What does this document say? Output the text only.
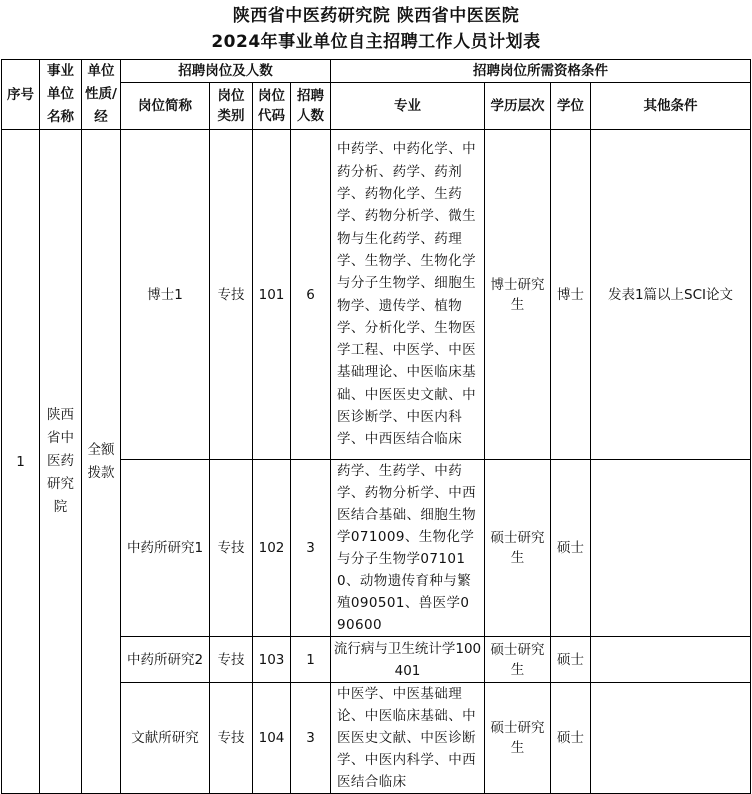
陕西省中医药研究院 陕西省中医医院
2024年事业单位自主招聘工作人员计划表
序号	事业单位名称	单位性质/经	招聘岗位及人数				招聘岗位所需资格条件			
			岗位简称	岗位类别	岗位代码	招聘人数	专业	学历层次	学位	其他条件
1	陕西省中医药研究院	全额拨款	博士1	专技	101	6	中药学、中药化学、中药分析、药学、药剂学、药物化学、生药学、药物分析学、微生物与生化药学、药理学、生物学、生物化学与分子生物学、细胞生物学、遗传学、植物学、分析化学、生物医学工程、中医学、中医基础理论、中医临床基础、中医医史文献、中医诊断学、中医内科学、中西医结合临床	博士研究生	博士	发表1篇以上SCI论文
			中药所研究1	专技	102	3	药学、生药学、中药学、药物分析学、中西医结合基础、细胞生物学071009、生物化学与分子生物学071010、动物遗传育种与繁殖090501、兽医学090600	硕士研究生	硕士	
			中药所研究2	专技	103	1	流行病与卫生统计学100401	硕士研究生	硕士	
			文献所研究	专技	104	3	中医学、中医基础理论、中医临床基础、中医医史文献、中医诊断学、中医内科学、中西医结合临床	硕士研究生	硕士	
